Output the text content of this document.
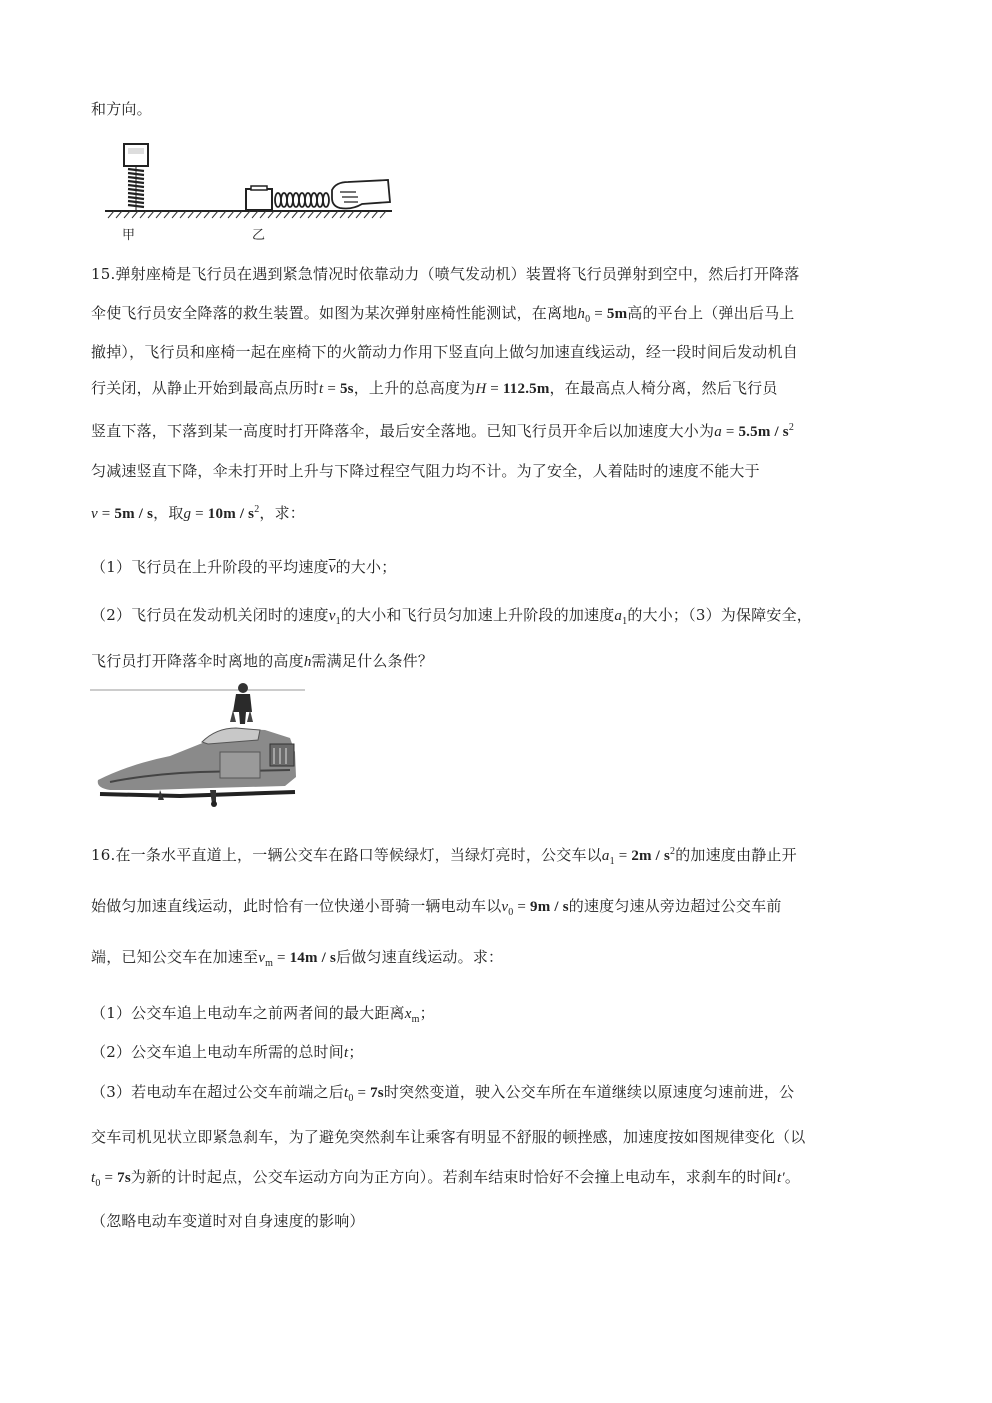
和方向。
甲	乙
15.弹射座椅是飞行员在遇到紧急情况时依靠动力（喷气发动机）装置将飞行员弹射到空中，然后打开降落
伞使飞行员安全降落的救生装置。如图为某次弹射座椅性能测试，在离地$h_0 = 5m$高的平台上（弹出后马上
撤掉），飞行员和座椅一起在座椅下的火箭动力作用下竖直向上做匀加速直线运动，经一段时间后发动机自
行关闭，从静止开始到最高点历时t = 5s，上升的总高度为H = 112.5m，在最高点人椅分离，然后飞行员
竖直下落，下落到某一高度时打开降落伞，最后安全落地。已知飞行员开伞后以加速度大小为$a = 5.5m / s^2$
匀减速竖直下降，伞未打开时上升与下降过程空气阻力均不计。为了安全，人着陆时的速度不能大于
v = 5m / s，取$g = 10m / s^2$，求：
（1）飞行员在上升阶段的平均速度$\overline{v}$的大小；
（2）飞行员在发动机关闭时的速度$v_1$的大小和飞行员匀加速上升阶段的加速度$a_1$的大小；（3）为保障安全，
飞行员打开降落伞时离地的高度h需满足什么条件？
16.在一条水平直道上，一辆公交车在路口等候绿灯，当绿灯亮时，公交车以$a_1 = 2m / s^2$的加速度由静止开
始做匀加速直线运动，此时恰有一位快递小哥骑一辆电动车以$v_0 = 9m / s$的速度匀速从旁边超过公交车前
端，已知公交车在加速至$v_m = 14m / s$后做匀速直线运动。求：
（1）公交车追上电动车之前两者间的最大距离$x_m$；
（2）公交车追上电动车所需的总时间t；
（3）若电动车在超过公交车前端之后$t_0 = 7s$时突然变道，驶入公交车所在车道继续以原速度匀速前进，公
交车司机见状立即紧急刹车，为了避免突然刹车让乘客有明显不舒服的顿挫感，加速度按如图规律变化（以
$t_0 = 7s$为新的计时起点，公交车运动方向为正方向）。若刹车结束时恰好不会撞上电动车，求刹车的时间t′。
（忽略电动车变道时对自身速度的影响）
